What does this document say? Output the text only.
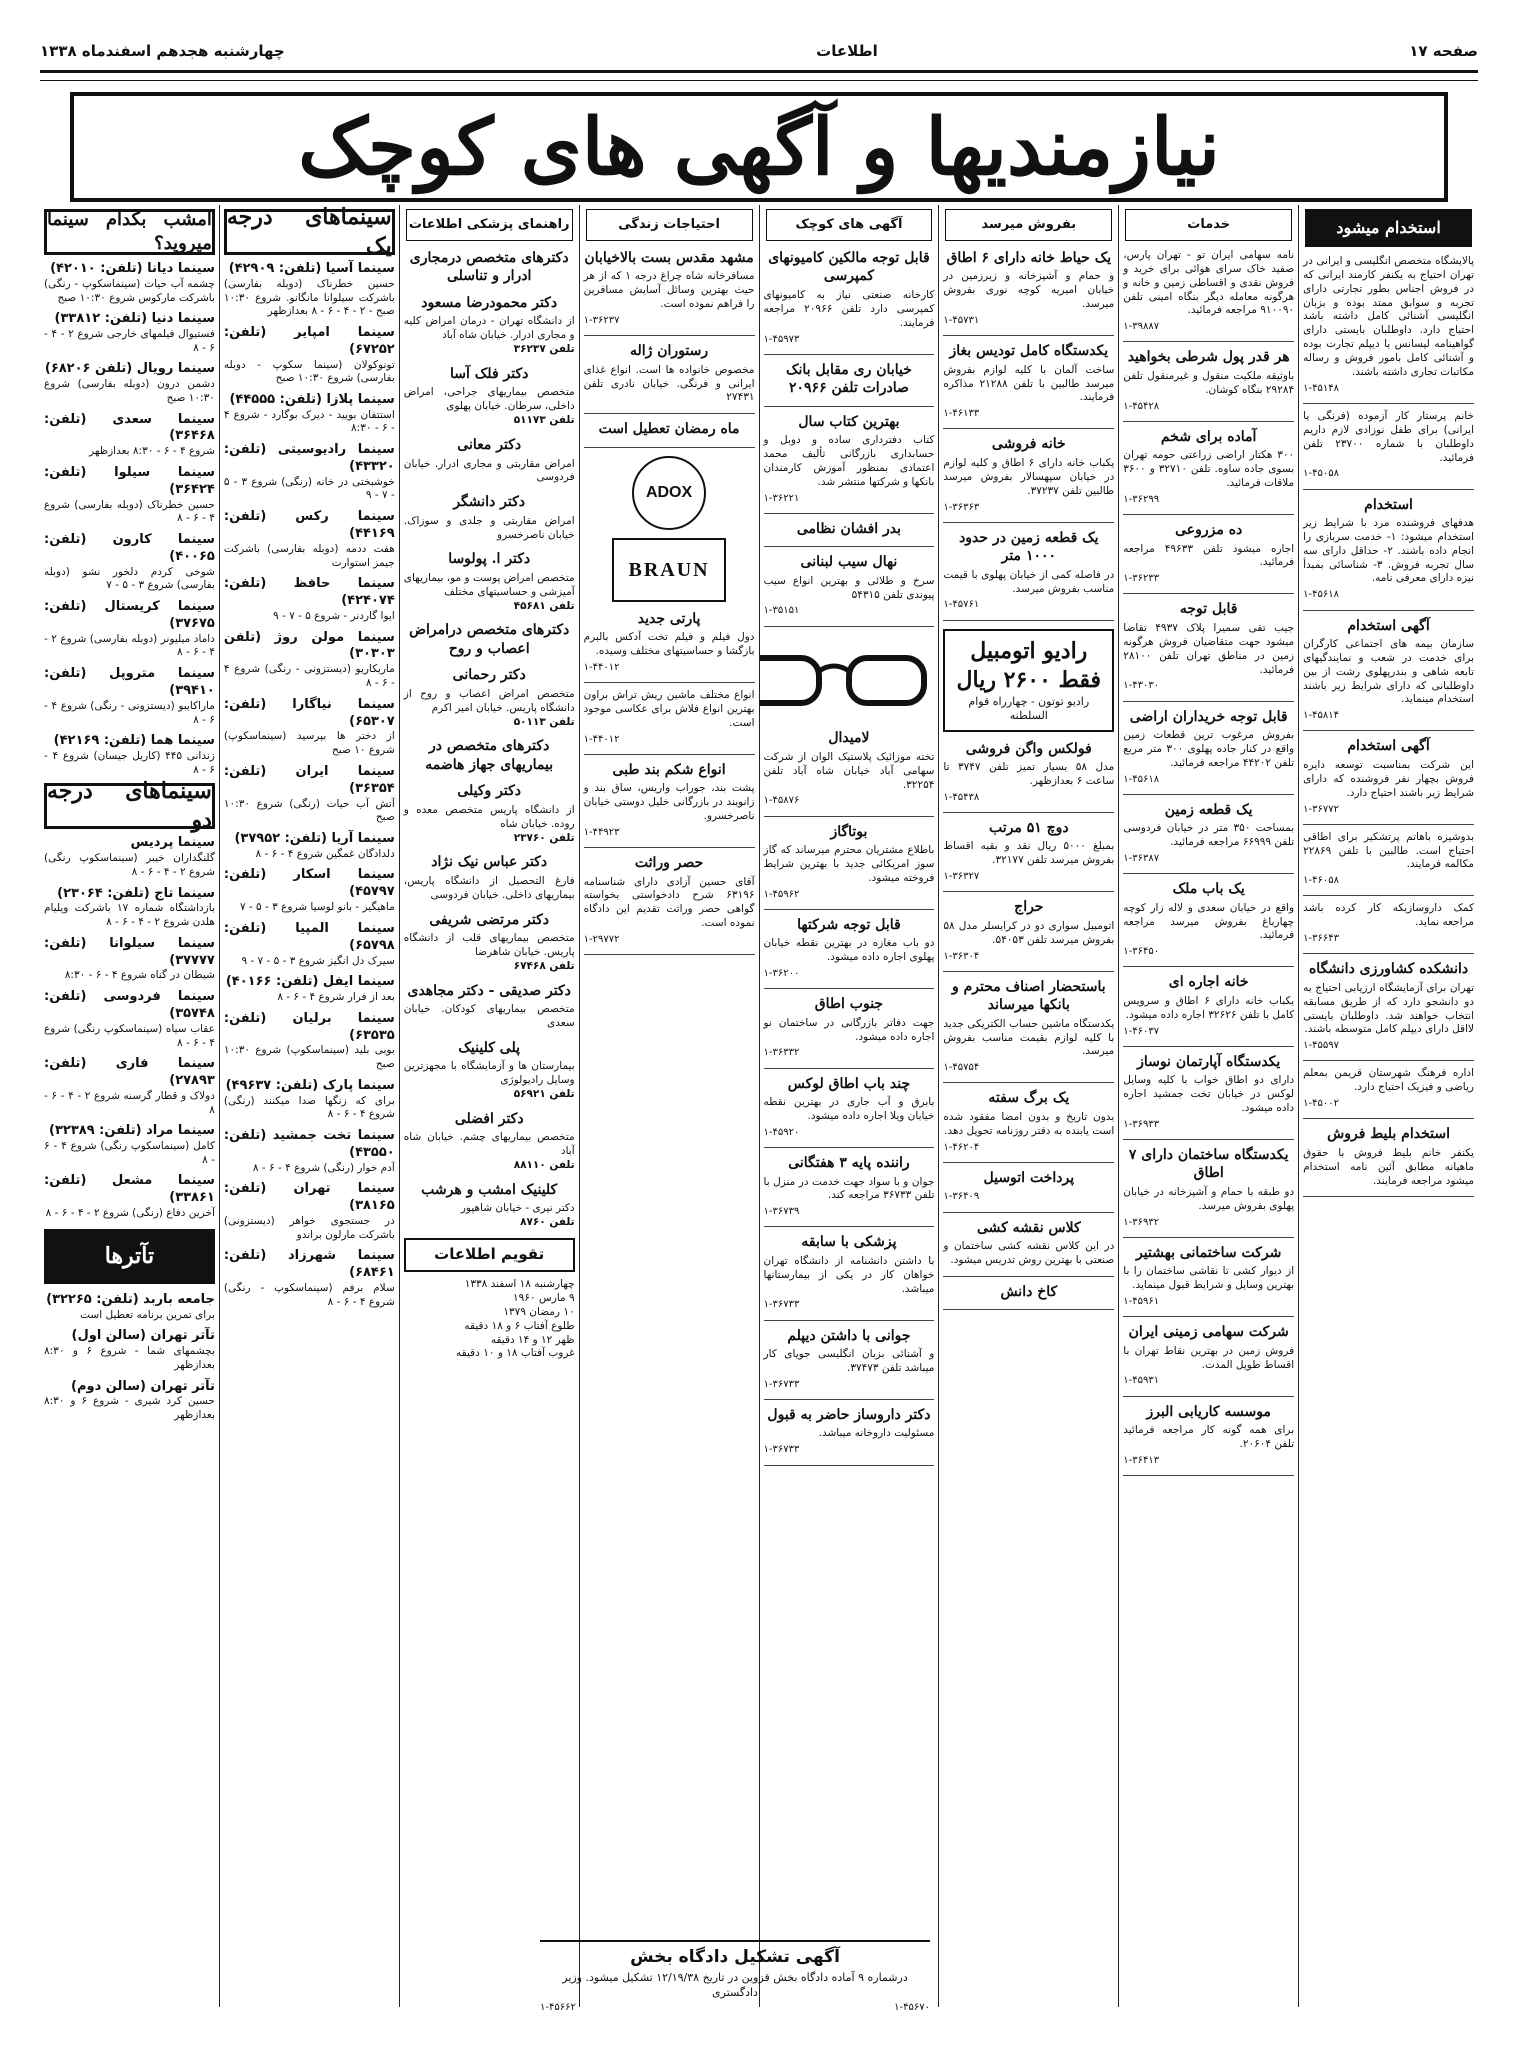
صفحه ۱۷
اطلاعات
چهارشنبه هجدهم اسفندماه ۱۳۳۸
نیازمندیها و آگهی های کوچک
استخدام میشود

پالایشگاه متخصص انگلیسی و ایرانی در تهران احتیاج به یکنفر کارمند ایرانی که در فروش اجناس بطور تجارتی دارای تجربه و سوابق ممتد بوده و بزبان انگلیسی آشنائی کامل داشته باشد احتیاج دارد. داوطلبان بایستی دارای گواهینامه لیسانس یا دیپلم تجارت بوده و آشنائی کامل بامور فروش و رساله مکاتبات تجاری داشته باشند.

۱-۴۵۱۴۸

خانم پرستار کار آزموده (فرنگی یا ایرانی) برای طفل نوزادی لازم داریم داوطلبان با شماره ۲۳۷۰۰ تلفن فرمائید.

۱-۴۵۰۵۸
استخدام

هدفهای فروشنده مرد با شرایط زیر استخدام میشود: ۱- خدمت سربازی را انجام داده باشند. ۲- حداقل دارای سه سال تجربه فروش. ۳- شناسائی بمبدأ نیزه دارای معرفی نامه.

۱-۴۵۶۱۸
آگهی استخدام

سازمان بیمه های اجتماعی کارگران برای خدمت در شعب و نمایندگیهای تابعه شاهی و بندرپهلوی رشت از بین داوطلبانی که دارای شرایط زیر باشند استخدام مینماید.

۱-۴۵۸۱۴
آگهی استخدام

این شرکت بمناسبت توسعه دایره فروش بچهار نفر فروشنده که دارای شرایط زیر باشند احتیاج دارد.

۱-۳۶۷۷۲

بدوشیزه باهاتم پرتشکیر برای اطاقی احتیاج است. طالبین با تلفن ۲۲۸۶۹ مکالمه فرمایند.

۱-۴۶۰۵۸

کمک داروسازیکه کار کرده باشد مراجعه نماید.

۱-۳۶۶۴۳
دانشکده کشاورزی دانشگاه

تهران برای آزمایشگاه ارزیابی احتیاج به دو دانشجو دارد که از طریق مسابقه انتخاب خواهند شد. داوطلبان بایستی لااقل دارای دیپلم کامل متوسطه باشند.

۱-۴۵۵۹۷

اداره فرهنگ شهرستان قریمن بمعلم ریاضی و فیزیک احتیاج دارد.

۱-۴۵۰۰۲
استخدام بلیط فروش

یکنفر خانم بلیط فروش با حقوق ماهیانه مطابق آئین نامه استخدام میشود مراجعه فرمایند.

خدمات

نامه سهامی ایران تو - تهران پارس، صفید خاک سرای هوائی برای خرید و فروش نقدی و اقساطی زمین و خانه و هرگونه معامله دیگر بنگاه امینی تلفن ۹۱۰۰۹۰ مراجعه فرمائید.

۱-۳۹۸۸۷
هر قدر پول شرطی بخواهید

باوثیقه ملکیت منقول و غیرمنقول تلفن ۲۹۲۸۴ بنگاه کوشان.

۱-۴۵۴۲۸
آماده برای شخم

۳۰۰ هکتار اراضی زراعتی حومه تهران بسوی جاده ساوه. تلفن ۳۲۷۱۰ و ۳۶۰۰ ملاقات فرمائید.

۱-۳۶۲۹۹
ده مزروعی

اجاره میشود تلفن ۴۹۶۳۳ مراجعه فرمائید.

۱-۳۶۲۳۳
قابل توجه

جیب تقی سمیرا پلاک ۴۹۳۷ تقاضا میشود جهت متقاضیان فروش هرگونه زمین در مناطق تهران تلفن ۲۸۱۰۰ فرمائید.

۱-۴۳۰۳۰
قابل توجه خریداران اراضی

بفروش مرغوب ترین قطعات زمین واقع در کنار جاده پهلوی ۳۰۰ متر مربع تلفن ۴۴۲۰۲ مراجعه فرمائید.

۱-۴۵۶۱۸
یک قطعه زمین

بمساحت ۳۵۰ متر در خیابان فردوسی تلفن ۶۶۹۹۹ مراجعه فرمائید.

۱-۳۶۳۸۷
یک باب ملک

واقع در خیابان سعدی و لاله زار کوچه چهارباغ بفروش میرسد مراجعه فرمائید.

۱-۳۶۴۵۰
خانه اجاره ای

یکباب خانه دارای ۶ اطاق و سرویس کامل با تلفن ۳۲۶۲۶ اجاره داده میشود.

۱-۴۶۰۳۷
یکدستگاه آپارتمان نوساز

دارای دو اطاق خواب با کلیه وسایل لوکس در خیابان تخت جمشید اجاره داده میشود.

۱-۳۶۹۳۳
یکدستگاه ساختمان دارای ۷ اطاق

دو طبقه با حمام و آشپزخانه در خیابان پهلوی بفروش میرسد.

۱-۳۶۹۳۲
شرکت ساختمانی بهشتیر

از دیوار کشی تا نقاشی ساختمان را با بهترین وسایل و شرایط قبول مینماید.

۱-۴۵۹۶۱
شرکت سهامی زمینی ایران

فروش زمین در بهترین نقاط تهران با اقساط طویل المدت.

۱-۴۵۹۳۱
موسسه کاریابی البرز

برای همه گونه کار مراجعه فرمائید تلفن ۲۰۶۰۴.

۱-۳۶۴۱۳
بفروش میرسد
یک حیاط خانه دارای ۶ اطاق

و حمام و آشپزخانه و زیرزمین در خیابان امیریه کوچه نوری بفروش میرسد.

۱-۴۵۷۳۱
یکدستگاه کامل تودیس بغاز

ساخت آلمان با کلیه لوازم بفروش میرسد طالبین با تلفن ۲۱۲۸۸ مذاکره فرمایند.

۱-۴۶۱۳۳
خانه فروشی

یکباب خانه دارای ۶ اطاق و کلیه لوازم در خیابان سپهسالار بفروش میرسد طالبین تلفن ۳۷۲۳۷.

۱-۳۶۳۶۳
یک قطعه زمین در حدود ۱۰۰۰ متر

در فاصله کمی از خیابان پهلوی با قیمت مناسب بفروش میرسد.

۱-۴۵۷۶۱
رادیو اتومبیل فقط ۲۶۰۰ ریال
رادیو توتون - چهارراه قوام السلطنه
فولکس واگن فروشی

مدل ۵۸ بسیار تمیز تلفن ۳۷۴۷ تا ساعت ۶ بعدازظهر.

۱-۴۵۴۳۸
دوچ ۵۱ مرتب

بمبلغ ۵۰۰۰ ریال نقد و بقیه اقساط بفروش میرسد تلفن ۳۲۱۷۷.

۱-۳۶۳۲۷
حراج

اتومبیل سواری دو در کرایسلر مدل ۵۸ بفروش میرسد تلفن ۵۴۰۵۳.

۱-۳۶۳۰۴
باستحضار اصناف محترم و بانکها میرساند

یکدستگاه ماشین حساب الکتریکی جدید با کلیه لوازم بقیمت مناسب بفروش میرسد.

۱-۴۵۷۵۴
یک برگ سفته

بدون تاریخ و بدون امضا مفقود شده است یابنده به دفتر روزنامه تحویل دهد.

۱-۴۶۲۰۴
پرداخت اتوسیل
۱-۳۶۴۰۹
کلاس نقشه کشی

در این کلاس نقشه کشی ساختمان و صنعتی با بهترین روش تدریس میشود.

کاخ دانش
آگهی های کوچک
قابل توجه مالکین کامیونهای کمپرسی

کارخانه صنعتی نیاز به کامیونهای کمپرسی دارد تلفن ۲۰۹۶۶ مراجعه فرمایند.

۱-۴۵۹۷۳
خیابان ری مقابل بانک صادرات تلفن ۲۰۹۶۶
بهترین کتاب سال

کتاب دفترداری ساده و دوبل و حسابداری بازرگانی تألیف محمد اعتمادی بمنظور آموزش کارمندان بانکها و شرکتها منتشر شد.

۱-۳۶۲۲۱
بدر افشان نظامی
نهال سیب لبنانی

سرخ و طلائی و بهترین انواع سیب پیوندی تلفن ۵۴۳۱۵

۱-۳۵۱۵۱
لامیدال

تخته موزائیک پلاستیک الوان از شرکت سهامی آباد خیابان شاه آباد تلفن ۳۲۲۵۴.

۱-۴۵۸۷۶
بوتاگاز

باطلاع مشتریان محترم میرساند که گاز سوز امریکائی جدید با بهترین شرایط فروخته میشود.

۱-۴۵۹۶۲
قابل توجه شرکتها

دو باب مغازه در بهترین نقطه خیابان پهلوی اجاره داده میشود.

۱-۳۶۲۰۰
جنوب اطاق

جهت دفاتر بازرگانی در ساختمان نو اجاره داده میشود.

۱-۳۶۳۳۲
چند باب اطاق لوکس

بابرق و آب جاری در بهترین نقطه خیابان ویلا اجاره داده میشود.

۱-۴۵۹۲۰
راننده پایه ۳ هفتگانی

جوان و با سواد جهت خدمت در منزل با تلفن ۳۶۷۳۳ مراجعه کند.

۱-۳۶۷۳۹
پزشکی با سابقه

با داشتن دانشنامه از دانشگاه تهران خواهان کار در یکی از بیمارستانها میباشد.

۱-۳۶۷۳۳
جوانی با داشتن دیپلم

و آشنائی بزبان انگلیسی جویای کار میباشد تلفن ۳۷۴۷۳.

۱-۳۶۷۳۳
دکتر داروساز حاضر به قبول

مسئولیت داروخانه میباشد.

۱-۳۶۷۳۳
احتیاجات زندگی
مشهد مقدس بست بالاخیابان

مسافرخانه شاه چراغ درجه ۱ که از هر حیث بهترین وسائل آسایش مسافرین را فراهم نموده است.

۱-۳۶۲۳۷
رستوران ژاله

مخصوص خانواده ها است. انواع غذای ایرانی و فرنگی. خیابان نادری تلفن ۲۷۴۳۱

ماه رمضان تعطیل است
ADOX
BRAUN
پارتی جدید

دول فیلم و فیلم تخت آدکس بالبرم بازگشا و حساسیتهای مختلف وسیده.

۱-۴۴۰۱۲

انواع مختلف ماشین ریش تراش براون بهترین انواع فلاش برای عکاسی موجود است.

۱-۴۴۰۱۲
انواع شکم بند طبی

پشت بند، جوراب واریس، ساق بند و زانوبند در بازرگانی خلیل دوستی خیابان ناصرخسرو.

۱-۴۴۹۲۳
حصر وراثت

آقای حسین آزادی دارای شناسنامه ۶۳۱۹۶ شرح دادخواستی بخواسته گواهی حصر وراثت تقدیم این دادگاه نموده است.

۱-۲۹۷۷۲
راهنمای پزشکی اطلاعات
دکترهای متخصص درمجاری ادرار و تناسلی
دکتر محمودرضا مسعود

از دانشگاه تهران - درمان امراض کلیه و مجاری ادرار. خیابان شاه آباد

تلفن ۳۶۲۳۷

دکتر فلک آسا

متخصص بیماریهای جراحی، امراض داخلی، سرطان. خیابان پهلوی

تلفن ۵۱۱۷۳

دکتر معانی

امراض مقاربتی و مجاری ادرار. خیابان فردوسی

دکتر دانشگر

امراض مقاربتی و جلدی و سوزاک. خیابان ناصرخسرو

دکتر ا. پولوسا

متخصص امراض پوست و مو، بیماریهای آمیزشی و حساسیتهای مختلف

تلفن ۴۵۶۸۱

دکترهای متخصص درامراض اعصاب و روح
دکتر رحمانی

متخصص امراض اعصاب و روح از دانشگاه پاریس. خیابان امیر اکرم

تلفن ۵۰۱۱۳

دکترهای متخصص در بیماریهای جهاز هاضمه
دکتر وکیلی

از دانشگاه پاریس متخصص معده و روده. خیابان شاه

تلفن ۲۳۷۶۰

دکتر عباس نیک نژاد

فارغ التحصیل از دانشگاه پاریس، بیماریهای داخلی. خیابان فردوسی

دکتر مرتضی شریفی

متخصص بیماریهای قلب از دانشگاه پاریس. خیابان شاهرضا

تلفن ۶۷۴۶۸

دکتر صدیقی - دکتر مجاهدی

متخصص بیماریهای کودکان. خیابان سعدی

پلی کلینیک

بیمارستان ها و آزمایشگاه با مجهزترین وسایل رادیولوژی

تلفن ۵۶۹۲۱

دکتر افضلی

متخصص بیماریهای چشم. خیابان شاه آباد

تلفن ۸۸۱۱۰

کلینیک امشب و هرشب

دکتر نیری - خیابان شاهپور

تلفن ۸۷۶۰

تقویم اطلاعات
چهارشنبه ۱۸ اسفند ۱۳۳۸
۹ مارس ۱۹۶۰
۱۰ رمضان ۱۳۷۹
طلوع آفتاب ۶ و ۱۸ دقیقه
ظهر ۱۲ و ۱۴ دقیقه
غروب آفتاب ۱۸ و ۱۰ دقیقه
سینماهای درجه یک
سینما آسیا (تلفن: ۴۲۹۰۹)
حسین خطرناک (دوبله بفارسی) باشرکت سیلوانا مانگانو. شروع ۱۰:۳۰ صبح - ۲ - ۴ - ۶ - ۸ بعدازظهر
سینما امپایر (تلفن: ۶۷۲۵۲)
تونوکولان (سینما سکوپ - دوبله بفارسی) شروع ۱۰:۳۰ صبح
سینما پلازا (تلفن: ۴۴۵۵۵)
استتفان بویید - دیرک بوگارد - شروع ۴ - ۶ - ۸:۳۰
سینما رادیوسیتی (تلفن: ۴۳۳۲۰)
خوشبختی در خانه (رنگی) شروع ۳ - ۵ - ۷ - ۹
سینما رکس (تلفن: ۴۴۱۶۹)
هفت ددمه (دوبله بفارسی) باشرکت جیمز استوارت
سینما حافظ (تلفن: ۴۲۴۰۷۴)
ایوا گاردنر - شروع ۵ - ۷ - ۹
سینما مولن روژ (تلفن ۳۰۳۰۳)
ماریکاریو (دیستزونی - رنگی) شروع ۴ - ۶ - ۸
سینما نیاگارا (تلفن: ۶۵۳۰۷)
از دختر ها بپرسید (سینماسکوپ) شروع ۱۰ صبح
سینما ایران (تلفن: ۳۶۳۵۴)
آتش آب حیات (رنگی) شروع ۱۰:۳۰ صبح
سینما آریا (تلفن: ۳۷۹۵۲)
دلدادگان غمگین شروع ۴ - ۶ - ۸
سینما اسکار (تلفن: ۴۵۷۹۷)
ماهیگیر - بانو لوسیا شروع ۳ - ۵ - ۷
سینما المپیا (تلفن: ۶۵۷۹۸)
سیرک دل انگیز شروع ۳ - ۵ - ۷ - ۹
سینما ایفل (تلفن: ۴۰۱۶۶)
بعد از فرار شروع ۴ - ۶ - ۸
سینما برلیان (تلفن: ۶۳۵۳۵)
بوبی بلید (سینماسکوپ) شروع ۱۰:۳۰ صبح
سینما پارک (تلفن: ۴۹۶۳۷)
برای که زنگها صدا میکنند (رنگی) شروع ۴ - ۶ - ۸
سینما تخت جمشید (تلفن: ۴۳۵۵۰)
آدم خوار (رنگی) شروع ۴ - ۶ - ۸
سینما تهران (تلفن: ۳۸۱۶۵)
در جستجوی خواهر (دیستزونی) باشرکت مارلون براندو
سینما شهرزاد (تلفن: ۶۸۴۶۱)
سلام برفم (سینماسکوپ - رنگی) شروع ۴ - ۶ - ۸
امشب بکدام سینما میروید؟
سینما دیانا (تلفن: ۴۲۰۱۰)
چشمه آب حیات (سینماسکوپ - رنگی) باشرکت مارکوس شروع ۱۰:۳۰ صبح
سینما دنیا (تلفن: ۳۳۸۱۲)
فستیوال فیلمهای خارجی شروع ۲ - ۴ - ۶ - ۸
سینما رویال (تلفن ۶۸۲۰۶)
دشمن درون (دوبله بفارسی) شروع ۱۰:۳۰ صبح
سینما سعدی (تلفن: ۳۶۴۶۸)
شروع ۴ - ۶ - ۸:۳۰ بعدازظهر
سینما سیلوا (تلفن: ۳۶۴۲۴)
حسین خطرناک (دوبله بفارسی) شروع ۴ - ۶ - ۸
سینما کارون (تلفن: ۴۰۰۶۵)
شوخی کردم دلخور نشو (دوبله بفارسی) شروع ۳ - ۵ - ۷
سینما کریستال (تلفن: ۳۷۶۷۵)
داماد میلیونر (دوبله بفارسی) شروع ۲ - ۴ - ۶ - ۸
سینما متروپل (تلفن: ۳۹۴۱۰)
ماراکایبو (دیستزونی - رنگی) شروع ۴ - ۶ - ۸
سینما هما (تلفن: ۴۲۱۶۹)
زندانی ۴۴۵ (کاریل جیسان) شروع ۴ - ۶ - ۸
سینماهای درجه دو
سینما پردیس
گلنگداران خیبر (سینماسکوپ رنگی) شروع ۲ - ۴ - ۶ - ۸
سینما تاج (تلفن: ۲۳۰۶۴)
بازداشتگاه شماره ۱۷ باشرکت ویلیام هلدن شروع ۲ - ۴ - ۶ - ۸
سینما سیلوانا (تلفن: ۳۷۷۷۷)
شیطان در گناه شروع ۴ - ۶ - ۸:۳۰
سینما فردوسی (تلفن: ۳۵۷۴۸)
عقاب سیاه (سینماسکوپ رنگی) شروع ۴ - ۶ - ۸
سینما فاری (تلفن: ۲۷۸۹۳)
دولاک و قطار گرسنه شروع ۲ - ۴ - ۶ - ۸
سینما مراد (تلفن: ۳۲۳۸۹)
کامل (سینماسکوپ رنگی) شروع ۴ - ۶ - ۸
سینما مشعل (تلفن: ۳۳۸۶۱)
آخرین دفاع (رنگی) شروع ۲ - ۴ - ۶ - ۸
تآترها
جامعه باربد (تلفن: ۳۲۲۶۵)
برای تمرین برنامه تعطیل است
تآتر تهران (سالن اول)
بچشمهای شما - شروع ۶ و ۸:۳۰ بعدازظهر
تآتر تهران (سالن دوم)
حسین کرد شیری - شروع ۶ و ۸:۳۰ بعدازظهر
آگهی تشکیل دادگاه بخش
درشماره ۹ آماده دادگاه بخش قزوین در تاریخ ۱۲/۱۹/۳۸ تشکیل میشود. وزیر دادگستری
۱-۴۵۶۶۲	۱-۴۵۶۷۰
